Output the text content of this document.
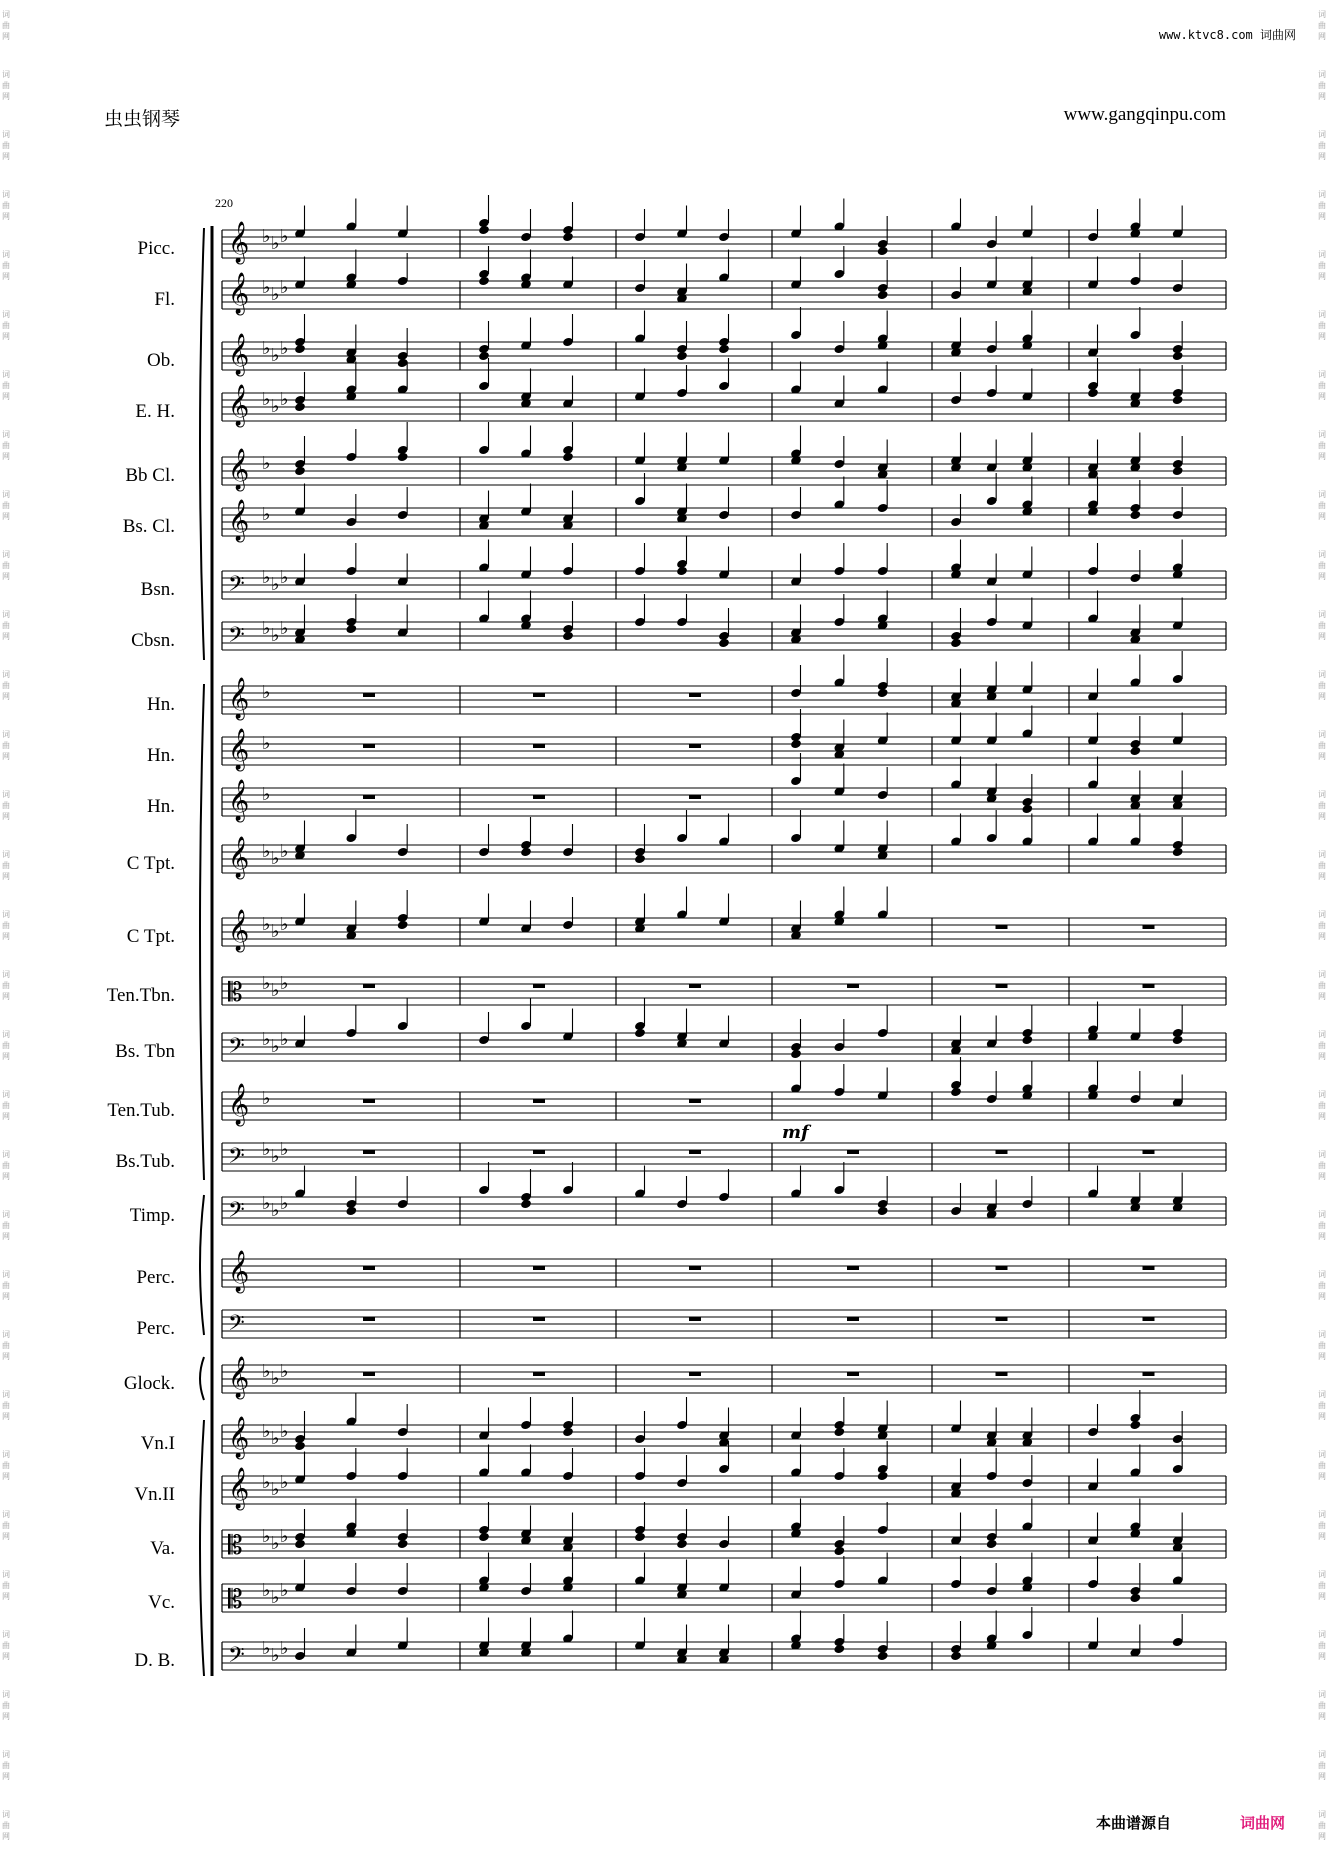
词
曲
网
词
曲
网
词
曲
网
词
曲
网
词
曲
网
词
曲
网
词
曲
网
词
曲
网
词
曲
网
词
曲
网
词
曲
网
词
曲
网
词
曲
网
词
曲
网
词
曲
网
词
曲
网
词
曲
网
词
曲
网
词
曲
网
词
曲
网
词
曲
网
词
曲
网
词
曲
网
词
曲
网
词
曲
网
词
曲
网
词
曲
网
词
曲
网
词
曲
网
词
曲
网
词
曲
网
词
曲
网
词
曲
网
词
曲
网
词
曲
网
词
曲
网
词
曲
网
词
曲
网
词
曲
网
词
曲
网
词
曲
网
词
曲
网
词
曲
网
词
曲
网
词
曲
网
词
曲
网
词
曲
网
词
曲
网
词
曲
网
词
曲
网
词
曲
网
词
曲
网
词
曲
网
词
曲
网
词
曲
网
词
曲
网
词
曲
网
词
曲
网
词
曲
网
词
曲
网
词
曲
网
词
曲
网
www.ktvc8.com 词曲网
虫虫钢琴	www.gangqinpu.com
220
Picc.
Fl.
Ob.
E. H.
Bb Cl.
Bs. Cl.
Bsn.
Cbsn.
Hn.
Hn.
Hn.
C Tpt.
C Tpt.
Ten.Tbn.
Bs. Tbn
Ten.Tub.
Bs.Tub.
Timp.
Perc.
Perc.
Glock.
Vn.I
Vn.II
Va.
Vc.
D. B.
𝄞 ♭ ♭ ♭
𝄞 ♭ ♭ ♭
𝄞 ♭ ♭ ♭
𝄞 ♭ ♭ ♭
𝄞 ♭
𝄞 ♭
𝄢 ♭ ♭ ♭
𝄢 ♭ ♭ ♭
𝄞 ♭
𝄞 ♭
𝄞 ♭
𝄞 ♭ ♭ ♭
𝄞 ♭ ♭ ♭
𝄡 ♭ ♭ ♭
𝄢 ♭ ♭ ♭
𝄞 ♭
𝄢 ♭ ♭ ♭
𝄢 ♭ ♭ ♭
𝄞
𝄢
𝄞 ♭ ♭ ♭
𝄞 ♭ ♭ ♭
𝄞 ♭ ♭ ♭
𝄡 ♭ ♭ ♭
𝄡 ♭ ♭ ♭
𝄢 ♭ ♭ ♭
mf
本曲谱源自	词曲网
